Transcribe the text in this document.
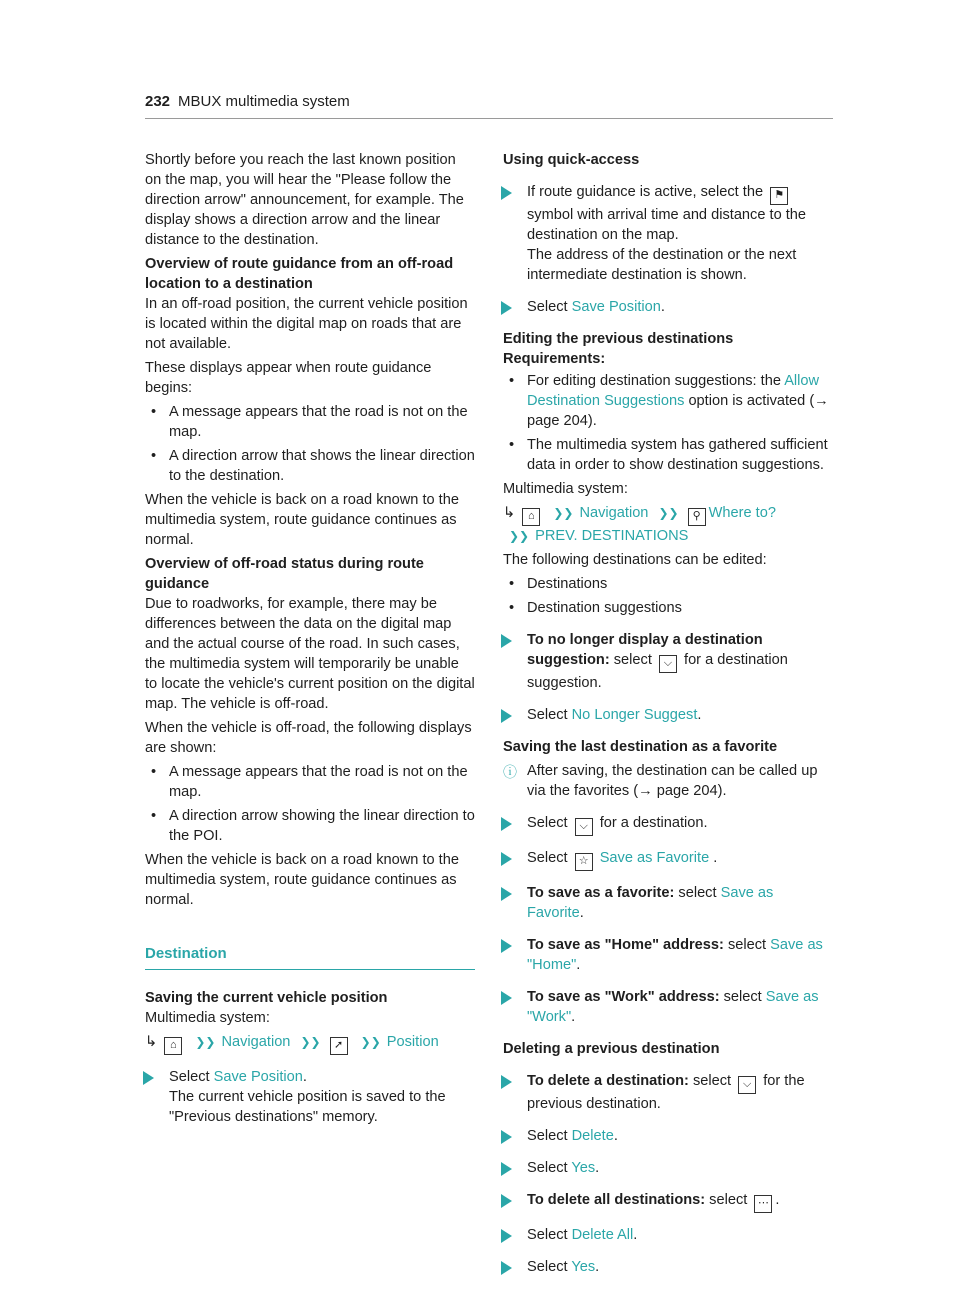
232 MBUX multimedia system

Shortly before you reach the last known position on the map, you will hear the "Please follow the direction arrow" announcement, for example. The display shows a direction arrow and the linear distance to the destination.

Overview of route guidance from an off-road location to a destination

In an off-road position, the current vehicle position is located within the digital map on roads that are not available.

These displays appear when route guidance begins:

• A message appears that the road is not on the map.
• A direction arrow that shows the linear direction to the destination.

When the vehicle is back on a road known to the multimedia system, route guidance continues as normal.

Overview of off-road status during route guidance

Due to roadworks, for example, there may be differences between the data on the digital map and the actual course of the road. In such cases, the multimedia system will temporarily be unable to locate the vehicle's current position on the digital map. The vehicle is off-road.

When the vehicle is off-road, the following displays are shown:

• A message appears that the road is not on the map.
• A direction arrow showing the linear direction to the POI.

When the vehicle is back on a road known to the multimedia system, route guidance continues as normal.

Destination
Saving the current vehicle position

Multimedia system:

↳ ⌂ ❯❯ Navigation ❯❯ ➚ ❯❯ Position
Select Save Position.
The current vehicle position is saved to the "Previous destinations" memory.
Using quick-access
If route guidance is active, select the ⚑
symbol with arrival time and distance to the destination on the map.
The address of the destination or the next intermediate destination is shown.
Select Save Position.
Editing the previous destinations
Requirements:
• For editing destination suggestions: the Allow Destination Suggestions option is activated (→ page 204).
• The multimedia system has gathered sufficient data in order to show destination suggestions.

Multimedia system:

↳ ⌂ ❯❯ Navigation ❯❯ ⚲ Where to?
❯❯ PREV. DESTINATIONS

The following destinations can be edited:

• Destinations
• Destination suggestions
To no longer display a destination suggestion: select ⌵ for a destination suggestion.
Select No Longer Suggest.
Saving the last destination as a favorite
ⓘ After saving, the destination can be called up via the favorites (→ page 204).
Select ⌵ for a destination.
Select ☆ Save as Favorite .
To save as a favorite: select Save as Favorite.
To save as "Home" address: select Save as "Home".
To save as "Work" address: select Save as "Work".
Deleting a previous destination
To delete a destination: select ⌵ for the previous destination.
Select Delete.
Select Yes.
To delete all destinations: select ⋯ .
Select Delete All.
Select Yes.
